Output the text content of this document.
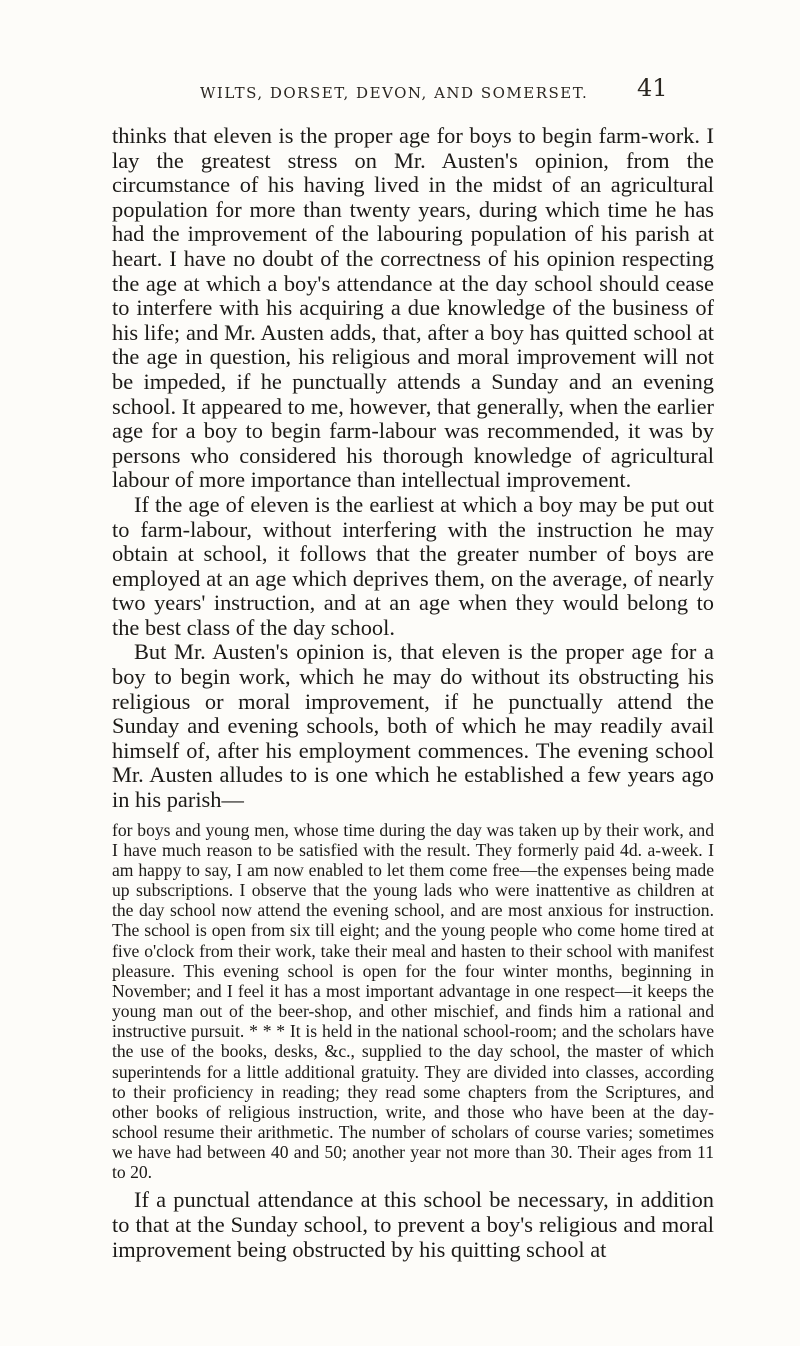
WILTS, DORSET, DEVON, AND SOMERSET. 41

thinks that eleven is the proper age for boys to begin farm-work. I lay the greatest stress on Mr. Austen's opinion, from the circumstance of his having lived in the midst of an agricultural population for more than twenty years, during which time he has had the improvement of the labouring population of his parish at heart. I have no doubt of the correctness of his opinion respecting the age at which a boy's attendance at the day school should cease to interfere with his acquiring a due knowledge of the business of his life; and Mr. Austen adds, that, after a boy has quitted school at the age in question, his religious and moral improvement will not be impeded, if he punctually attends a Sunday and an evening school. It appeared to me, however, that generally, when the earlier age for a boy to begin farm-labour was recommended, it was by persons who considered his thorough knowledge of agricultural labour of more importance than intellectual improvement.

If the age of eleven is the earliest at which a boy may be put out to farm-labour, without interfering with the instruction he may obtain at school, it follows that the greater number of boys are employed at an age which deprives them, on the average, of nearly two years' instruction, and at an age when they would belong to the best class of the day school.

But Mr. Austen's opinion is, that eleven is the proper age for a boy to begin work, which he may do without its obstructing his religious or moral improvement, if he punctually attend the Sunday and evening schools, both of which he may readily avail himself of, after his employment commences. The evening school Mr. Austen alludes to is one which he established a few years ago in his parish—

for boys and young men, whose time during the day was taken up by their work, and I have much reason to be satisfied with the result. They formerly paid 4d. a-week. I am happy to say, I am now enabled to let them come free—the expenses being made up subscriptions. I observe that the young lads who were inattentive as children at the day school now attend the evening school, and are most anxious for instruction. The school is open from six till eight; and the young people who come home tired at five o'clock from their work, take their meal and hasten to their school with manifest pleasure. This evening school is open for the four winter months, beginning in November; and I feel it has a most important advantage in one respect—it keeps the young man out of the beer-shop, and other mischief, and finds him a rational and instructive pursuit. * * * It is held in the national school-room; and the scholars have the use of the books, desks, &c., supplied to the day school, the master of which superintends for a little additional gratuity. They are divided into classes, according to their proficiency in reading; they read some chapters from the Scriptures, and other books of religious instruction, write, and those who have been at the day-school resume their arithmetic. The number of scholars of course varies; sometimes we have had between 40 and 50; another year not more than 30. Their ages from 11 to 20.

If a punctual attendance at this school be necessary, in addition to that at the Sunday school, to prevent a boy's religious and moral improvement being obstructed by his quitting school at
